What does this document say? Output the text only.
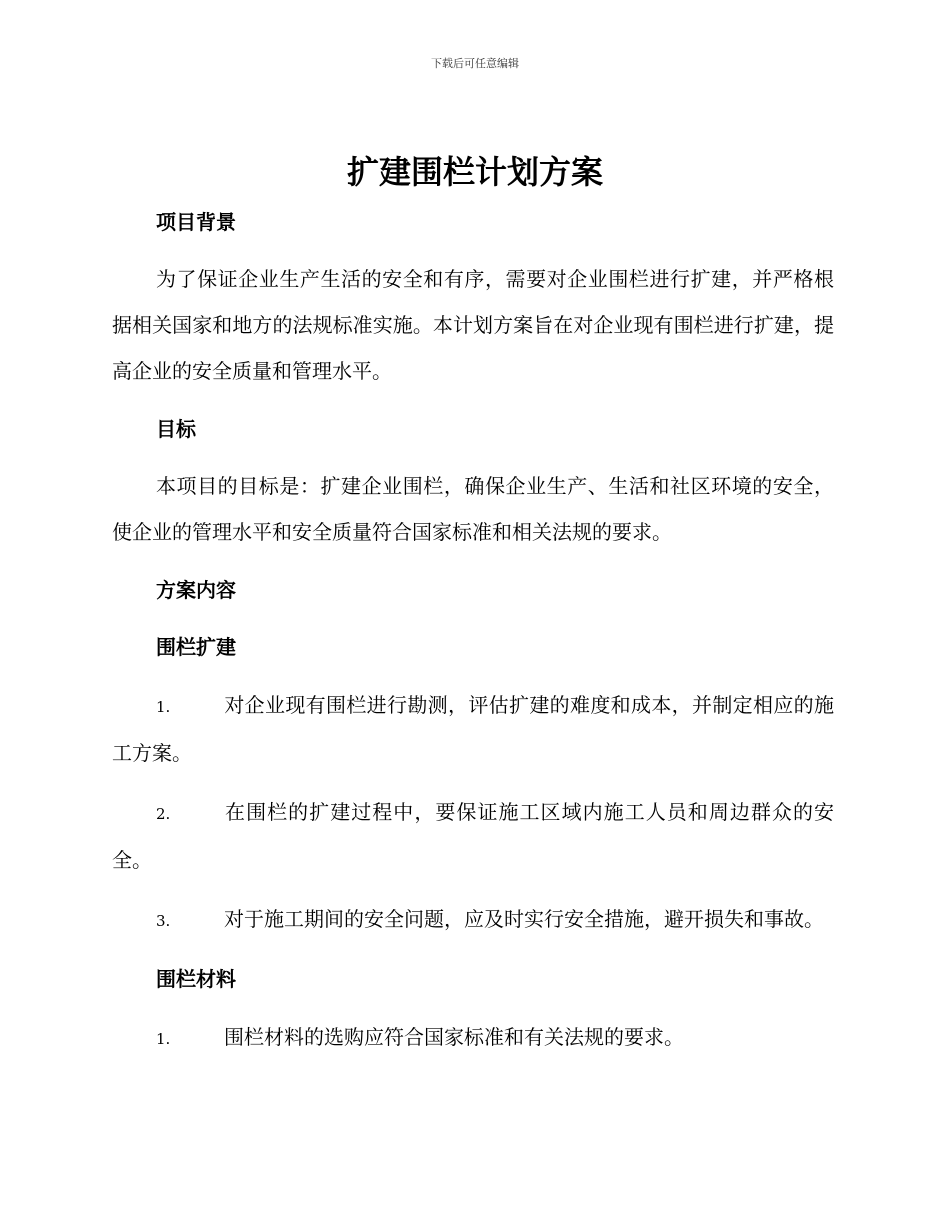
下载后可任意编辑
扩建围栏计划方案
项目背景

为了保证企业生产生活的安全和有序，需要对企业围栏进行扩建，并严格根据相关国家和地方的法规标准实施。本计划方案旨在对企业现有围栏进行扩建，提高企业的安全质量和管理水平。

目标

本项目的目标是：扩建企业围栏，确保企业生产、生活和社区环境的安全，使企业的管理水平和安全质量符合国家标准和相关法规的要求。

方案内容
围栏扩建

1.	对企业现有围栏进行勘测，评估扩建的难度和成本，并制定相应的施工方案。

2.	在围栏的扩建过程中，要保证施工区域内施工人员和周边群众的安全。

3.	对于施工期间的安全问题，应及时实行安全措施，避开损失和事故。

围栏材料

1.	围栏材料的选购应符合国家标准和有关法规的要求。
